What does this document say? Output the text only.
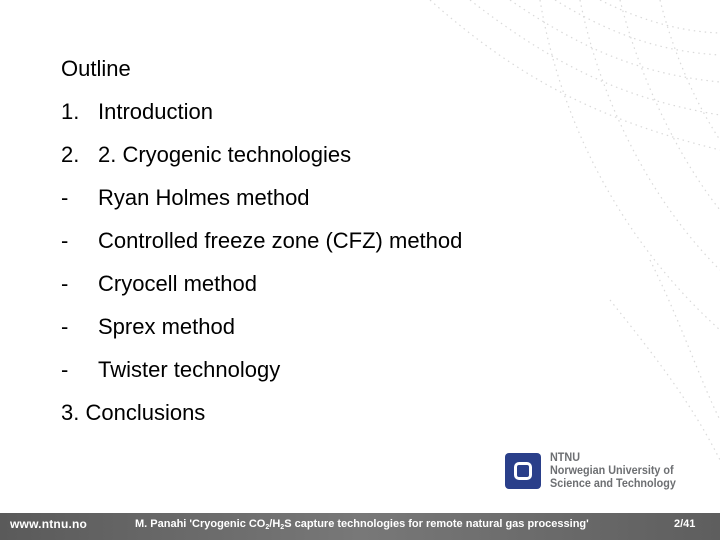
Outline
1. Introduction
2. 2. Cryogenic technologies
-	Ryan Holmes method
-	Controlled freeze zone (CFZ) method
-	Cryocell method
-	Sprex method
-	Twister technology
3. Conclusions
NTNU
Norwegian University of
Science and Technology
www.ntnu.no	M. Panahi 'Cryogenic $CO_2/H_2S$ capture technologies for remote natural gas processing'	2/41
